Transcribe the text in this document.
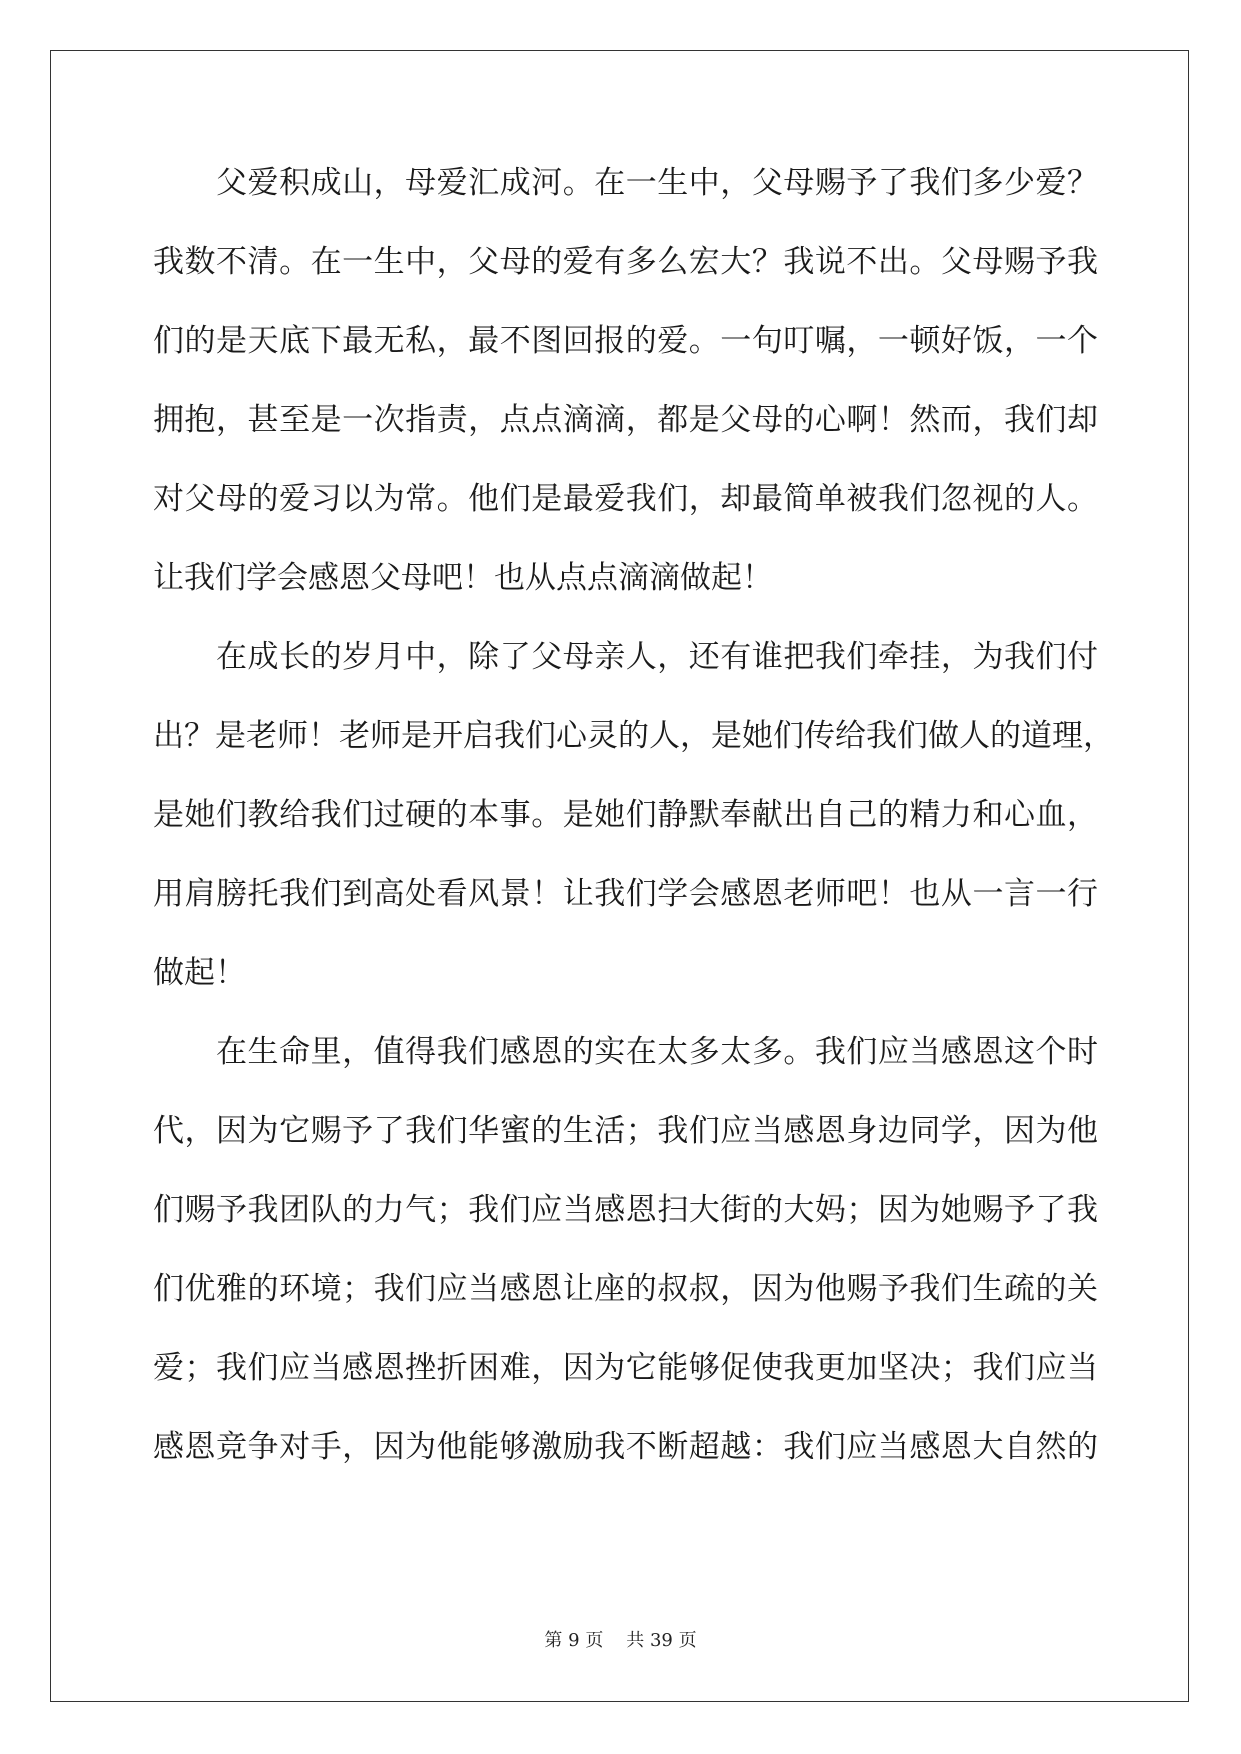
　　父爱积成山，母爱汇成河。在一生中，父母赐予了我们多少爱？
我数不清。在一生中，父母的爱有多么宏大？我说不出。父母赐予我
们的是天底下最无私，最不图回报的爱。一句叮嘱，一顿好饭，一个
拥抱，甚至是一次指责，点点滴滴，都是父母的心啊！然而，我们却
对父母的爱习以为常。他们是最爱我们，却最简单被我们忽视的人。
让我们学会感恩父母吧！也从点点滴滴做起！
　　在成长的岁月中，除了父母亲人，还有谁把我们牵挂，为我们付
出？是老师！老师是开启我们心灵的人，是她们传给我们做人的道理，
是她们教给我们过硬的本事。是她们静默奉献出自己的精力和心血，
用肩膀托我们到高处看风景！让我们学会感恩老师吧！也从一言一行
做起！
　　在生命里，值得我们感恩的实在太多太多。我们应当感恩这个时
代，因为它赐予了我们华蜜的生活；我们应当感恩身边同学，因为他
们赐予我团队的力气；我们应当感恩扫大街的大妈；因为她赐予了我
们优雅的环境；我们应当感恩让座的叔叔，因为他赐予我们生疏的关
爱；我们应当感恩挫折困难，因为它能够促使我更加坚决；我们应当
感恩竞争对手，因为他能够激励我不断超越：我们应当感恩大自然的
第 9 页 共 39 页
